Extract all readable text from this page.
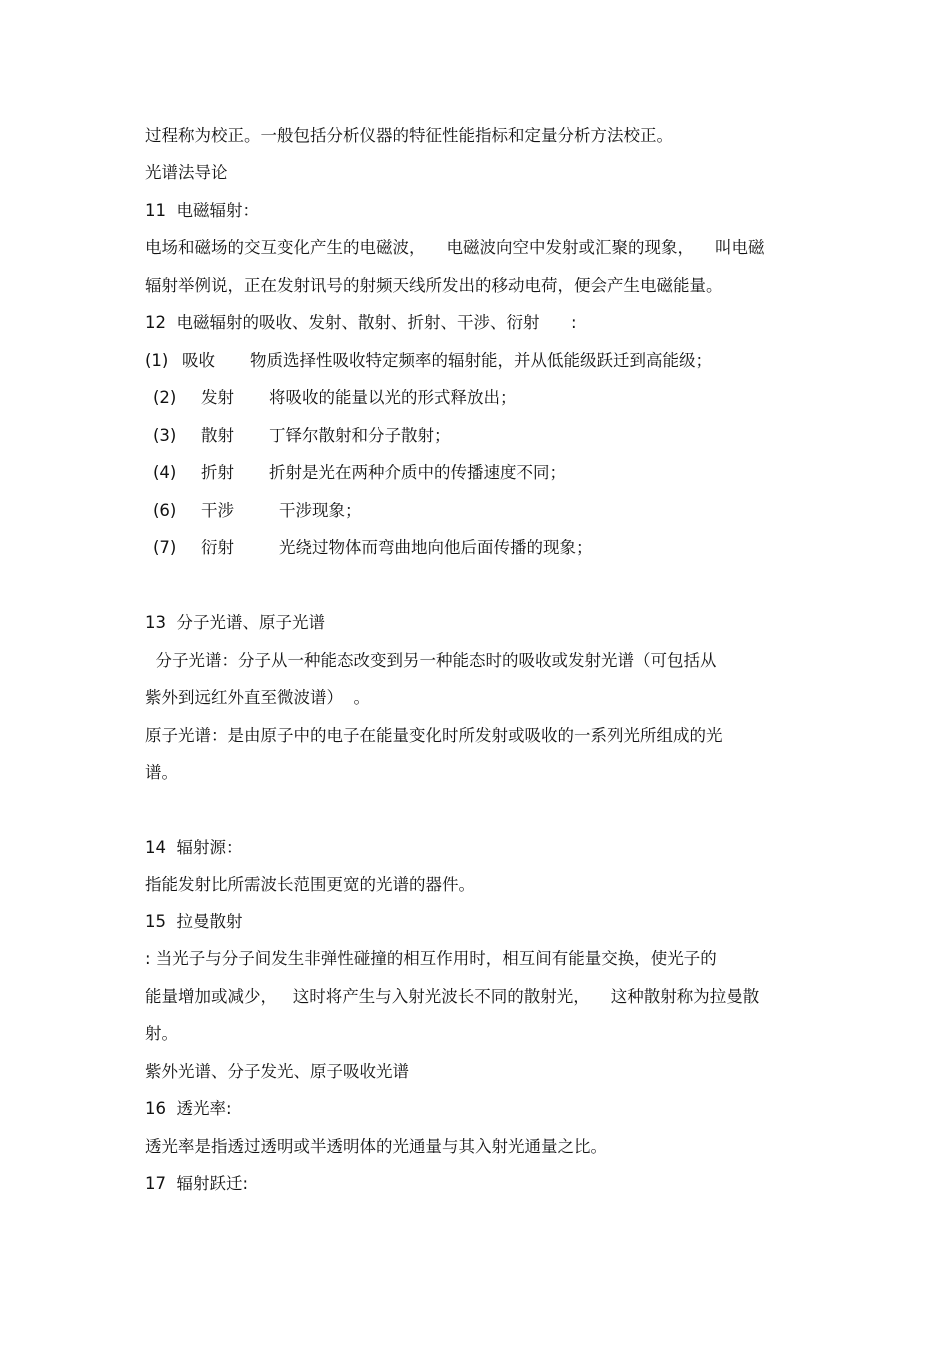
过程称为校正。一般包括分析仪器的特征性能指标和定量分析方法校正。
光谱法导论
11  电磁辐射：
电场和磁场的交互变化产生的电磁波，    电磁波向空中发射或汇聚的现象，    叫电磁
辐射举例说，正在发射讯号的射频天线所发出的移动电荷，便会产生电磁能量。
12  电磁辐射的吸收、发射、散射、折射、干涉、衍射      :
(1) 吸收 物质选择性吸收特定频率的辐射能，并从低能级跃迁到高能级；
(2) 发射 将吸收的能量以光的形式释放出；
(3) 散射 丁铎尔散射和分子散射；
(4) 折射 折射是光在两种介质中的传播速度不同；
(6) 干涉	干涉现象；
(7) 衍射	光绕过物体而弯曲地向他后面传播的现象；
13  分子光谱、原子光谱
分子光谱：分子从一种能态改变到另一种能态时的吸收或发射光谱（可包括从
紫外到远红外直至微波谱）  。
原子光谱：是由原子中的电子在能量变化时所发射或吸收的一系列光所组成的光
谱。
14  辐射源：
指能发射比所需波长范围更宽的光谱的器件。
15  拉曼散射
: 当光子与分子间发生非弹性碰撞的相互作用时，相互间有能量交换，使光子的
能量增加或减少，   这时将产生与入射光波长不同的散射光，    这种散射称为拉曼散
射。
紫外光谱、分子发光、原子吸收光谱
16  透光率:
透光率是指透过透明或半透明体的光通量与其入射光通量之比。
17  辐射跃迁:
